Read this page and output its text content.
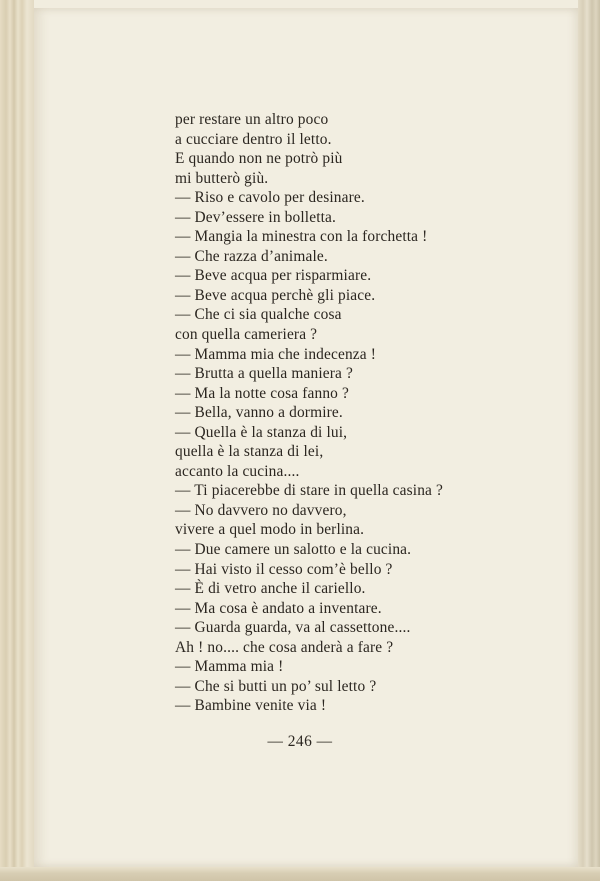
per restare un altro poco
a cucciare dentro il letto.
E quando non ne potrò più
mi butterò giù.
— Riso e cavolo per desinare.
— Dev’essere in bolletta.
— Mangia la minestra con la forchetta !
— Che razza d’animale.
— Beve acqua per risparmiare.
— Beve acqua perchè gli piace.
— Che ci sia qualche cosa
con quella cameriera ?
— Mamma mia che indecenza !
— Brutta a quella maniera ?
— Ma la notte cosa fanno ?
— Bella, vanno a dormire.
— Quella è la stanza di lui,
quella è la stanza di lei,
accanto la cucina....
— Ti piacerebbe di stare in quella casina ?
— No davvero no davvero,
vivere a quel modo in berlina.
— Due camere un salotto e la cucina.
— Hai visto il cesso com’è bello ?
— È di vetro anche il cariello.
— Ma cosa è andato a inventare.
— Guarda guarda, va al cassettone....
Ah ! no.... che cosa anderà a fare ?
— Mamma mia !
— Che si butti un po’ sul letto ?
— Bambine venite via !
— 246 —
